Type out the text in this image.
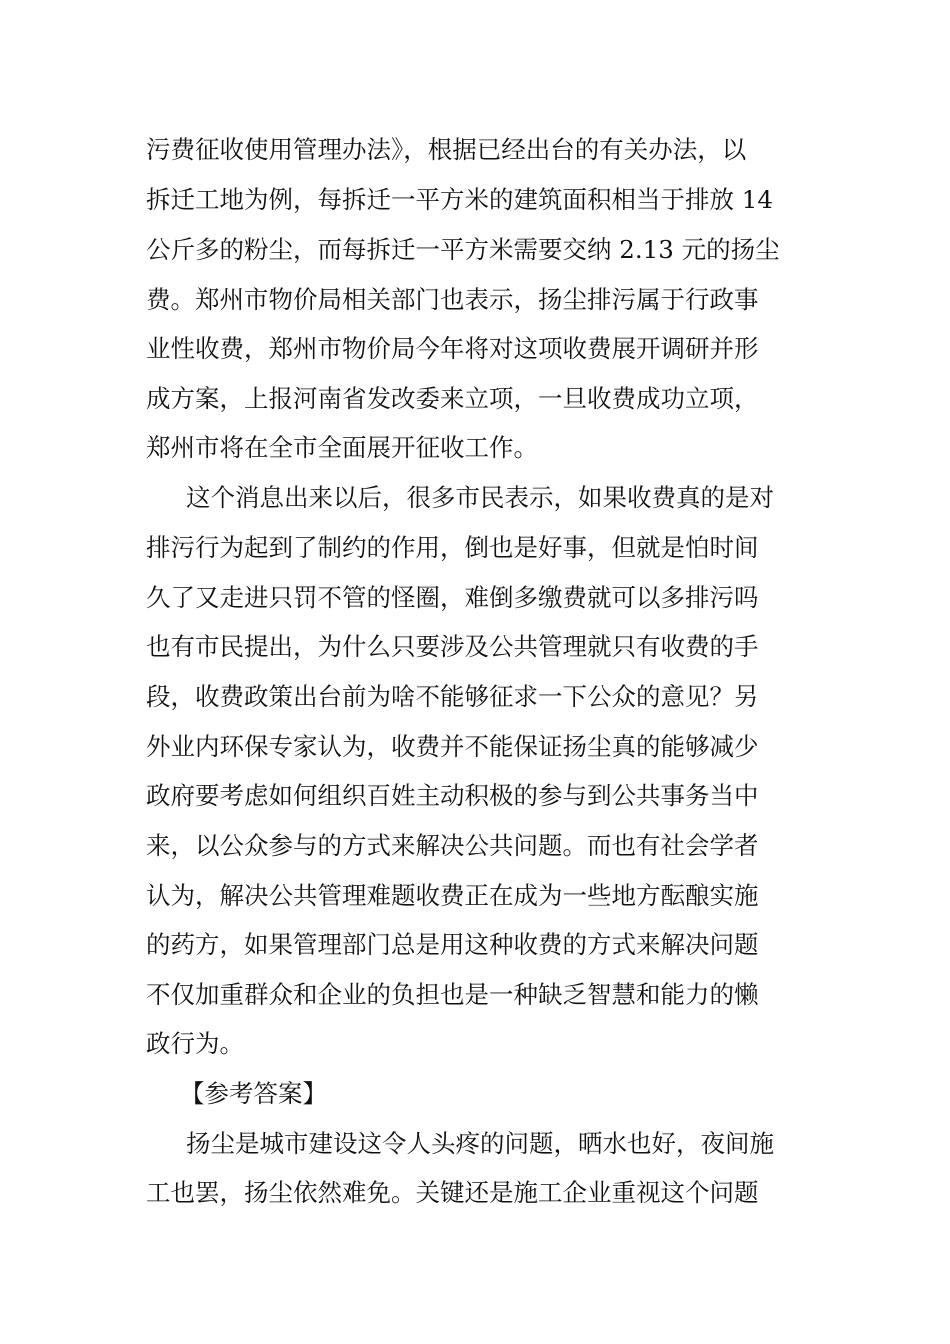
污费征收使用管理办法》，根据已经出台的有关办法，以
拆迁工地为例，每拆迁一平方米的建筑面积相当于排放 14
公斤多的粉尘，而每拆迁一平方米需要交纳 2.13 元的扬尘
费。郑州市物价局相关部门也表示，扬尘排污属于行政事
业性收费，郑州市物价局今年将对这项收费展开调研并形
成方案，上报河南省发改委来立项，一旦收费成功立项，
郑州市将在全市全面展开征收工作。
这个消息出来以后，很多市民表示，如果收费真的是对
排污行为起到了制约的作用，倒也是好事，但就是怕时间
久了又走进只罚不管的怪圈，难倒多缴费就可以多排污吗
也有市民提出，为什么只要涉及公共管理就只有收费的手
段，收费政策出台前为啥不能够征求一下公众的意见？另
外业内环保专家认为，收费并不能保证扬尘真的能够减少
政府要考虑如何组织百姓主动积极的参与到公共事务当中
来，以公众参与的方式来解决公共问题。而也有社会学者
认为，解决公共管理难题收费正在成为一些地方酝酿实施
的药方，如果管理部门总是用这种收费的方式来解决问题
不仅加重群众和企业的负担也是一种缺乏智慧和能力的懒
政行为。
【参考答案】
扬尘是城市建设这令人头疼的问题，晒水也好，夜间施
工也罢，扬尘依然难免。关键还是施工企业重视这个问题
